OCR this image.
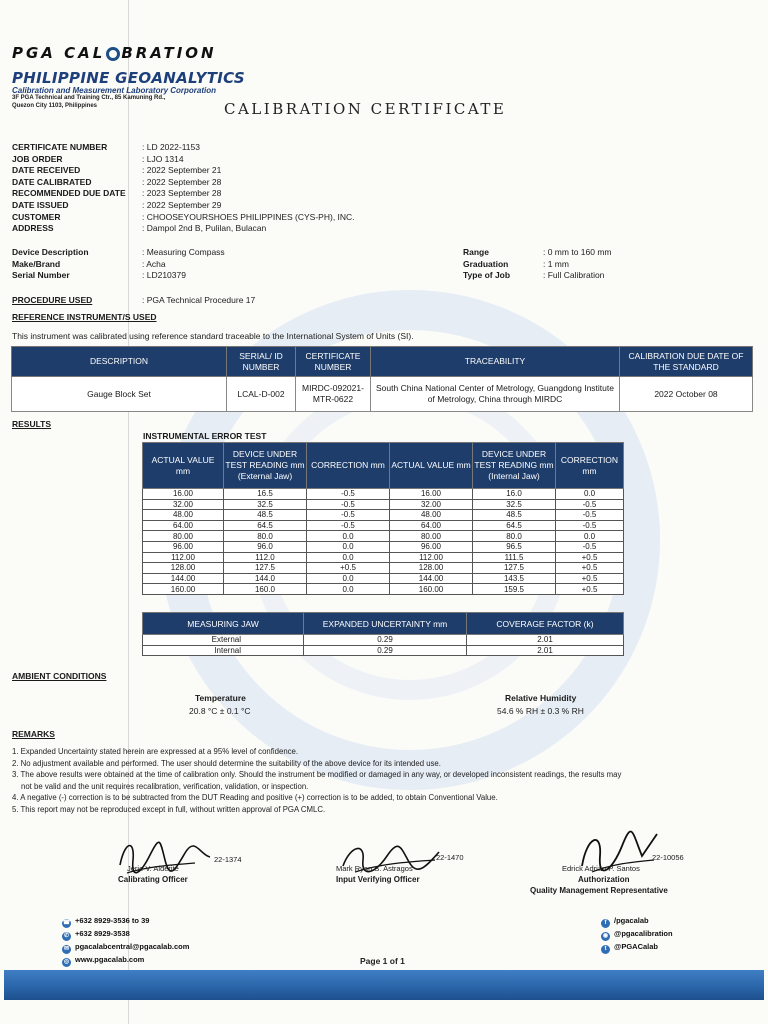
PGA CAL BRATION
PHILIPPINE GEOANALYTICS
Calibration and Measurement Laboratory Corporation
3F PGA Technical and Training Ctr., 85 Kamuning Rd.,
Quezon City 1103, Philippines	CALIBRATION CERTIFICATE
CERTIFICATE NUMBER	: LD 2022-1153
JOB ORDER	: LJO 1314
DATE RECEIVED	: 2022 September 21
DATE CALIBRATED	: 2022 September 28
RECOMMENDED DUE DATE : 2023 September 28
DATE ISSUED	: 2022 September 29
CUSTOMER	: CHOOSEYOURSHOES PHILIPPINES (CYS-PH), INC.
ADDRESS	: Dampol 2nd B, Pulilan, Bulacan
Device Description	: Measuring Compass
Make/Brand	: Acha
Serial Number	: LD210379
Range	: 0 mm to 160 mm
Graduation	: 1 mm
Type of Job	: Full Calibration
PROCEDURE USED	: PGA Technical Procedure 17
REFERENCE INSTRUMENT/S USED
This instrument was calibrated using reference standard traceable to the International System of Units (SI).
DESCRIPTION	SERIAL/ ID NUMBER	CERTIFICATE NUMBER	TRACEABILITY	CALIBRATION DUE DATE OF THE STANDARD
Gauge Block Set	LCAL-D-002	MIRDC-092021-MTR-0622	South China National Center of Metrology, Guangdong Institute of Metrology, China through MIRDC	2022 October 08
RESULTS
INSTRUMENTAL ERROR TEST
ACTUAL VALUE mm	DEVICE UNDER TEST READING mm (External Jaw)	CORRECTION mm	ACTUAL VALUE mm	DEVICE UNDER TEST READING mm (Internal Jaw)	CORRECTION mm
16.00	16.5	-0.5	16.00	16.0	0.0
32.00	32.5	-0.5	32.00	32.5	-0.5
48.00	48.5	-0.5	48.00	48.5	-0.5
64.00	64.5	-0.5	64.00	64.5	-0.5
80.00	80.0	0.0	80.00	80.0	0.0
96.00	96.0	0.0	96.00	96.5	-0.5
112.00	112.0	0.0	112.00	111.5	+0.5
128.00	127.5	+0.5	128.00	127.5	+0.5
144.00	144.0	0.0	144.00	143.5	+0.5
160.00	160.0	0.0	160.00	159.5	+0.5
MEASURING JAW	EXPANDED UNCERTAINTY mm	COVERAGE FACTOR (k)
External	0.29	2.01
Internal	0.29	2.01
AMBIENT CONDITIONS
Temperature
20.8 °C ± 0.1 °C
Relative Humidity
54.6 % RH ± 0.3 % RH
REMARKS
1. Expanded Uncertainty stated herein are expressed at a 95% level of confidence.
2. No adjustment available and performed. The user should determine the suitability of the above device for its intended use.
3. The above results were obtained at the time of calibration only. Should the instrument be modified or damaged in any way, or developed inconsistent readings, the results may
not be valid and the unit requires recalibration, verification, validation, or inspection.
4. A negative (-) correction is to be subtracted from the DUT Reading and positive (+) correction is to be added, to obtain Conventional Value.
5. This report may not be reproduced except in full, without written approval of PGA CMLC.
22-1374
Jerie V. Alderite
Calibrating Officer
22-1470
Mark Ryan S. Astragos
Input Verifying Officer
22-10056
Edrick Adrian P. Santos
Authorization
Quality Management Representative
☎ +632 8929-3536 to 39
✆ +632 8929-3538
✉ pgacalabcentral@pgacalab.com
◎ www.pgacalab.com
f /pgacalab
◉ @pgacalibration
t @PGACalab
Page 1 of 1
